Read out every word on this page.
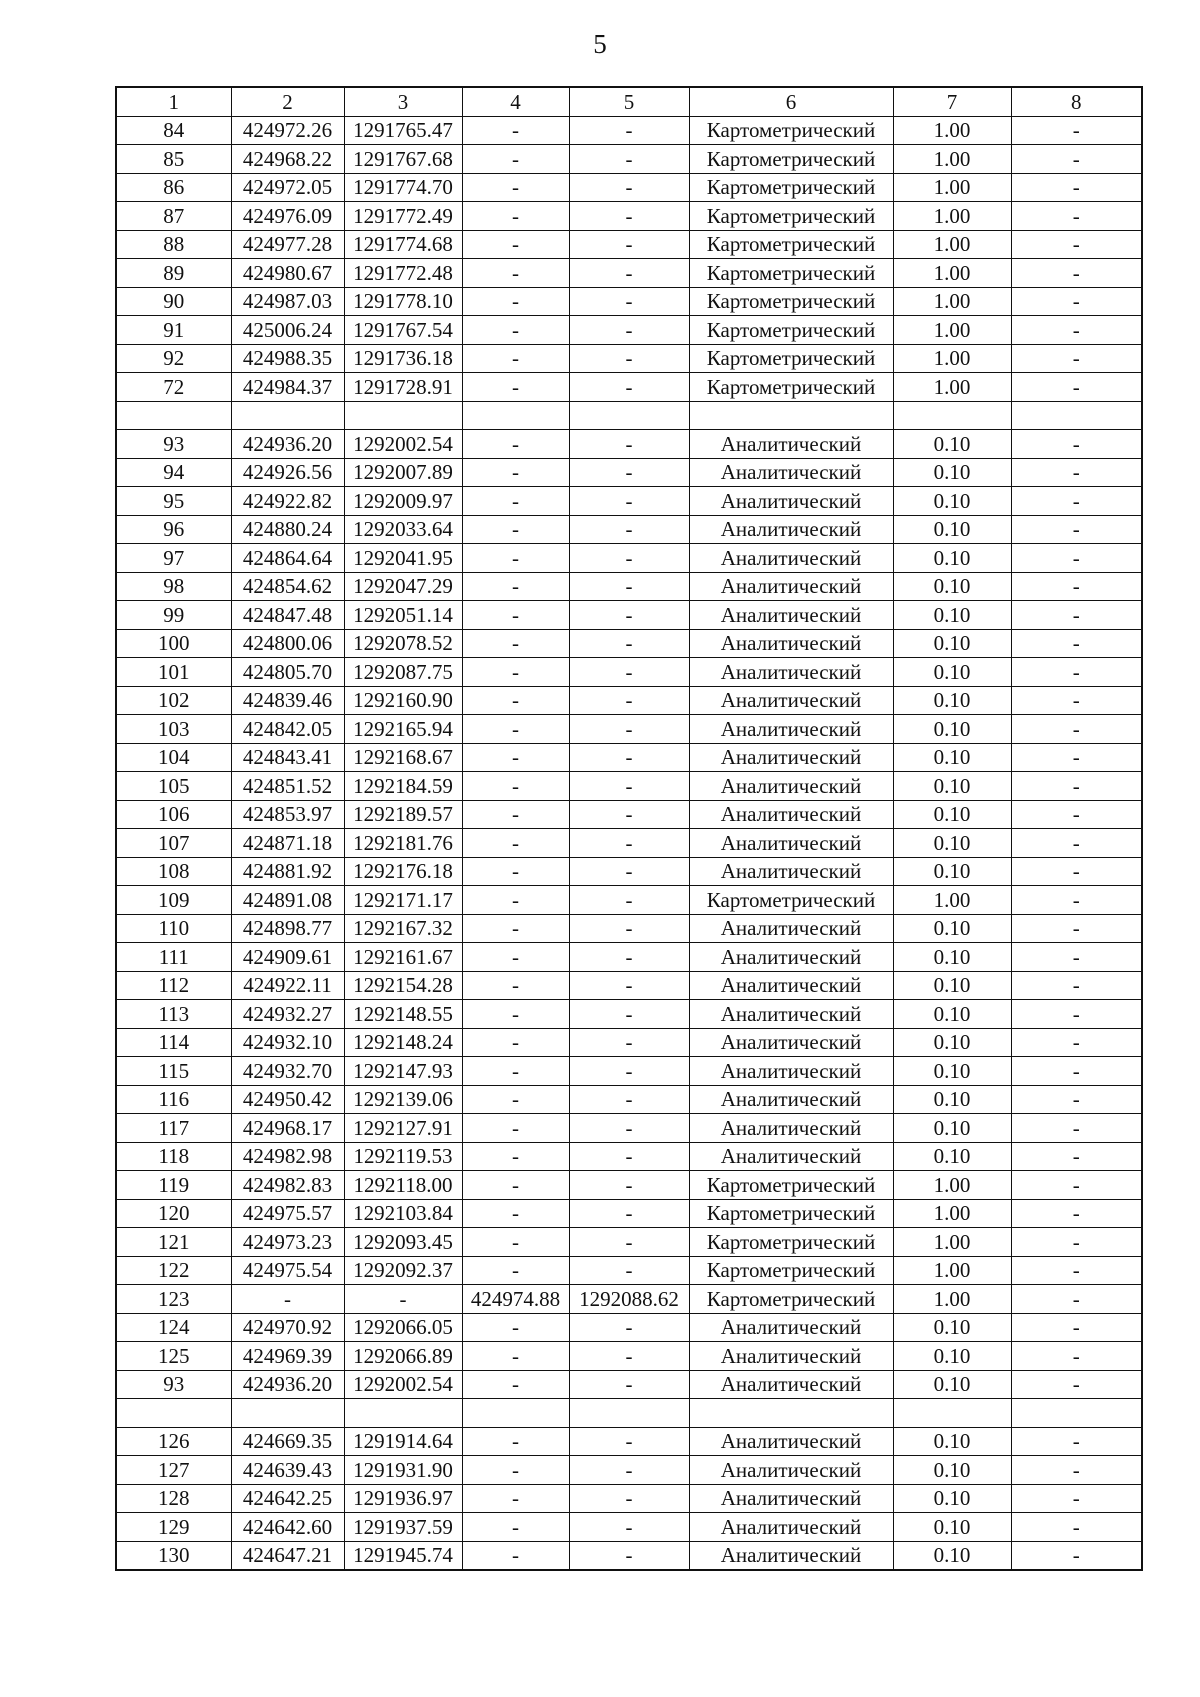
5
1	2	3	4	5	6	7	8
84	424972.26	1291765.47	-	-	Картометрический	1.00	-
85	424968.22	1291767.68	-	-	Картометрический	1.00	-
86	424972.05	1291774.70	-	-	Картометрический	1.00	-
87	424976.09	1291772.49	-	-	Картометрический	1.00	-
88	424977.28	1291774.68	-	-	Картометрический	1.00	-
89	424980.67	1291772.48	-	-	Картометрический	1.00	-
90	424987.03	1291778.10	-	-	Картометрический	1.00	-
91	425006.24	1291767.54	-	-	Картометрический	1.00	-
92	424988.35	1291736.18	-	-	Картометрический	1.00	-
72	424984.37	1291728.91	-	-	Картометрический	1.00	-

93	424936.20	1292002.54	-	-	Аналитический	0.10	-
94	424926.56	1292007.89	-	-	Аналитический	0.10	-
95	424922.82	1292009.97	-	-	Аналитический	0.10	-
96	424880.24	1292033.64	-	-	Аналитический	0.10	-
97	424864.64	1292041.95	-	-	Аналитический	0.10	-
98	424854.62	1292047.29	-	-	Аналитический	0.10	-
99	424847.48	1292051.14	-	-	Аналитический	0.10	-
100	424800.06	1292078.52	-	-	Аналитический	0.10	-
101	424805.70	1292087.75	-	-	Аналитический	0.10	-
102	424839.46	1292160.90	-	-	Аналитический	0.10	-
103	424842.05	1292165.94	-	-	Аналитический	0.10	-
104	424843.41	1292168.67	-	-	Аналитический	0.10	-
105	424851.52	1292184.59	-	-	Аналитический	0.10	-
106	424853.97	1292189.57	-	-	Аналитический	0.10	-
107	424871.18	1292181.76	-	-	Аналитический	0.10	-
108	424881.92	1292176.18	-	-	Аналитический	0.10	-
109	424891.08	1292171.17	-	-	Картометрический	1.00	-
110	424898.77	1292167.32	-	-	Аналитический	0.10	-
111	424909.61	1292161.67	-	-	Аналитический	0.10	-
112	424922.11	1292154.28	-	-	Аналитический	0.10	-
113	424932.27	1292148.55	-	-	Аналитический	0.10	-
114	424932.10	1292148.24	-	-	Аналитический	0.10	-
115	424932.70	1292147.93	-	-	Аналитический	0.10	-
116	424950.42	1292139.06	-	-	Аналитический	0.10	-
117	424968.17	1292127.91	-	-	Аналитический	0.10	-
118	424982.98	1292119.53	-	-	Аналитический	0.10	-
119	424982.83	1292118.00	-	-	Картометрический	1.00	-
120	424975.57	1292103.84	-	-	Картометрический	1.00	-
121	424973.23	1292093.45	-	-	Картометрический	1.00	-
122	424975.54	1292092.37	-	-	Картометрический	1.00	-
123	-	-	424974.88	1292088.62	Картометрический	1.00	-
124	424970.92	1292066.05	-	-	Аналитический	0.10	-
125	424969.39	1292066.89	-	-	Аналитический	0.10	-
93	424936.20	1292002.54	-	-	Аналитический	0.10	-

126	424669.35	1291914.64	-	-	Аналитический	0.10	-
127	424639.43	1291931.90	-	-	Аналитический	0.10	-
128	424642.25	1291936.97	-	-	Аналитический	0.10	-
129	424642.60	1291937.59	-	-	Аналитический	0.10	-
130	424647.21	1291945.74	-	-	Аналитический	0.10	-
